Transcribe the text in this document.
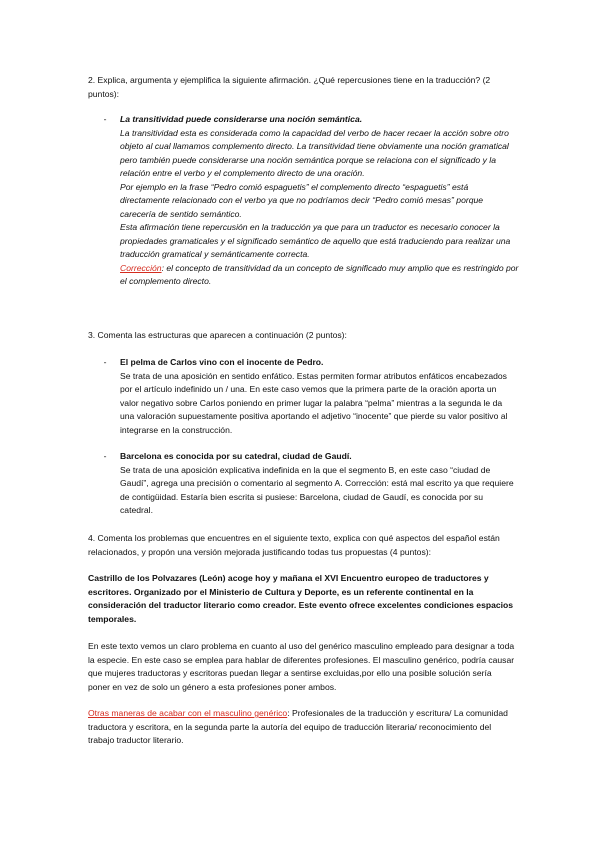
2. Explica, argumenta y ejemplifica la siguiente afirmación. ¿Qué repercusiones tiene en la traducción? (2 puntos):

-	La transitividad puede considerarse una noción semántica.

La transitividad esta es considerada como la capacidad del verbo de hacer recaer la acción sobre otro objeto al cual llamamos complemento directo. La transitividad tiene obviamente una noción gramatical pero también puede considerarse una noción semántica porque se relaciona con el significado y la relación entre el verbo y el complemento directo de una oración.

Por ejemplo en la frase “Pedro comió espaguetis” el complemento directo “espaguetis” está directamente relacionado con el verbo ya que no podríamos decir “Pedro comió mesas” porque carecería de sentido semántico.

Esta afirmación tiene repercusión en la traducción ya que para un traductor es necesario conocer la propiedades gramaticales y el significado semántico de aquello que está traduciendo para realizar una traducción gramatical y semánticamente correcta.

Corrección: el concepto de transitividad da un concepto de significado muy amplio que es restringido por el complemento directo.

3. Comenta las estructuras que aparecen a continuación (2 puntos):

-	El pelma de Carlos vino con el inocente de Pedro.

Se trata de una aposición en sentido enfático. Estas permiten formar atributos enfáticos encabezados por el artículo indefinido un / una. En este caso vemos que la primera parte de la oración aporta un valor negativo sobre Carlos poniendo en primer lugar la palabra “pelma” mientras a la segunda le da una valoración supuestamente positiva aportando el adjetivo “inocente” que pierde su valor positivo al integrarse en la construcción.

-	Barcelona es conocida por su catedral, ciudad de Gaudí.

Se trata de una aposición explicativa indefinida en la que el segmento B, en este caso “ciudad de Gaudí”, agrega una precisión o comentario al segmento A. Corrección: está mal escrito ya que requiere de contigüidad. Estaría bien escrita si pusiese: Barcelona, ciudad de Gaudí, es conocida por su catedral.

4. Comenta los problemas que encuentres en el siguiente texto, explica con qué aspectos del español están relacionados, y propón una versión mejorada justificando todas tus propuestas (4 puntos):

Castrillo de los Polvazares (León) acoge hoy y mañana el XVI Encuentro europeo de traductores y escritores. Organizado por el Ministerio de Cultura y Deporte, es un referente continental en la consideración del traductor literario como creador. Este evento ofrece excelentes condiciones espacios temporales.

En este texto vemos un claro problema en cuanto al uso del genérico masculino empleado para designar a toda la especie. En este caso se emplea para hablar de diferentes profesiones. El masculino genérico, podría causar que mujeres traductoras y escritoras puedan llegar a sentirse excluidas,por ello una posible solución sería poner en vez de solo un género a esta profesiones poner ambos.

Otras maneras de acabar con el masculino genérico: Profesionales de la traducción y escritura/ La comunidad traductora y escritora, en la segunda parte la autoría del equipo de traducción literaria/ reconocimiento del trabajo traductor literario.
